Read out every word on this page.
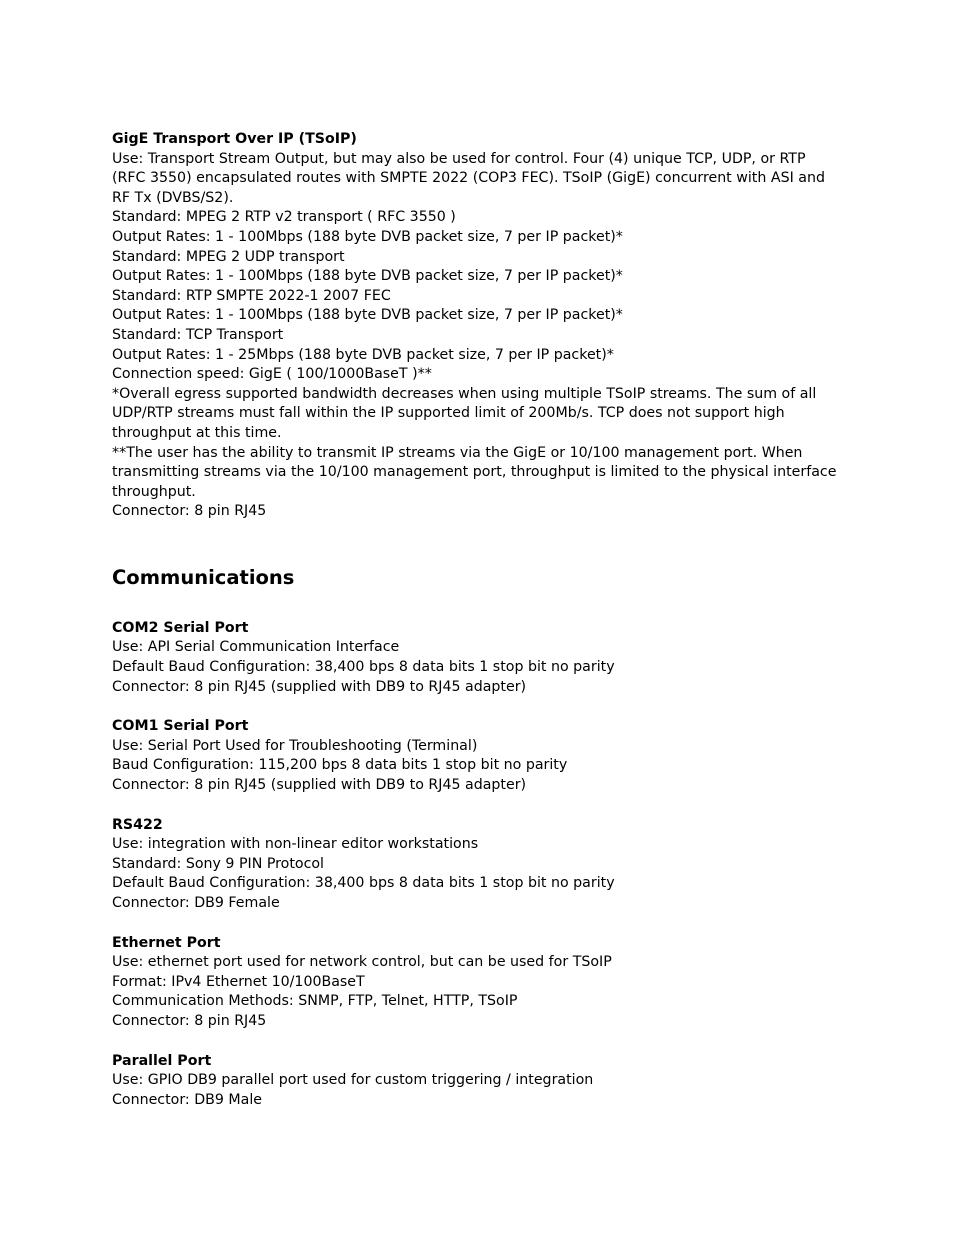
GigE Transport Over IP (TSoIP)

Use: Transport Stream Output, but may also be used for control. Four (4) unique TCP, UDP, or RTP

(RFC 3550) encapsulated routes with SMPTE 2022 (COP3 FEC). TSoIP (GigE) concurrent with ASI and

RF Tx (DVBS/S2).

Standard: MPEG 2 RTP v2 transport ( RFC 3550 )

Output Rates: 1 - 100Mbps (188 byte DVB packet size, 7 per IP packet)*

Standard: MPEG 2 UDP transport

Output Rates: 1 - 100Mbps (188 byte DVB packet size, 7 per IP packet)*

Standard: RTP SMPTE 2022-1 2007 FEC

Output Rates: 1 - 100Mbps (188 byte DVB packet size, 7 per IP packet)*

Standard: TCP Transport

Output Rates: 1 - 25Mbps (188 byte DVB packet size, 7 per IP packet)*

Connection speed: GigE ( 100/1000BaseT )**

*Overall egress supported bandwidth decreases when using multiple TSoIP streams. The sum of all

UDP/RTP streams must fall within the IP supported limit of 200Mb/s. TCP does not support high

throughput at this time.

**The user has the ability to transmit IP streams via the GigE or 10/100 management port. When

transmitting streams via the 10/100 management port, throughput is limited to the physical interface

throughput.

Connector: 8 pin RJ45

Communications

COM2 Serial Port

Use: API Serial Communication Interface

Default Baud Configuration: 38,400 bps 8 data bits 1 stop bit no parity

Connector: 8 pin RJ45 (supplied with DB9 to RJ45 adapter)

COM1 Serial Port

Use: Serial Port Used for Troubleshooting (Terminal)

Baud Configuration: 115,200 bps 8 data bits 1 stop bit no parity

Connector: 8 pin RJ45 (supplied with DB9 to RJ45 adapter)

RS422

Use: integration with non-linear editor workstations

Standard: Sony 9 PIN Protocol

Default Baud Configuration: 38,400 bps 8 data bits 1 stop bit no parity

Connector: DB9 Female

Ethernet Port

Use: ethernet port used for network control, but can be used for TSoIP

Format: IPv4 Ethernet 10/100BaseT

Communication Methods: SNMP, FTP, Telnet, HTTP, TSoIP

Connector: 8 pin RJ45

Parallel Port

Use: GPIO DB9 parallel port used for custom triggering / integration

Connector: DB9 Male
